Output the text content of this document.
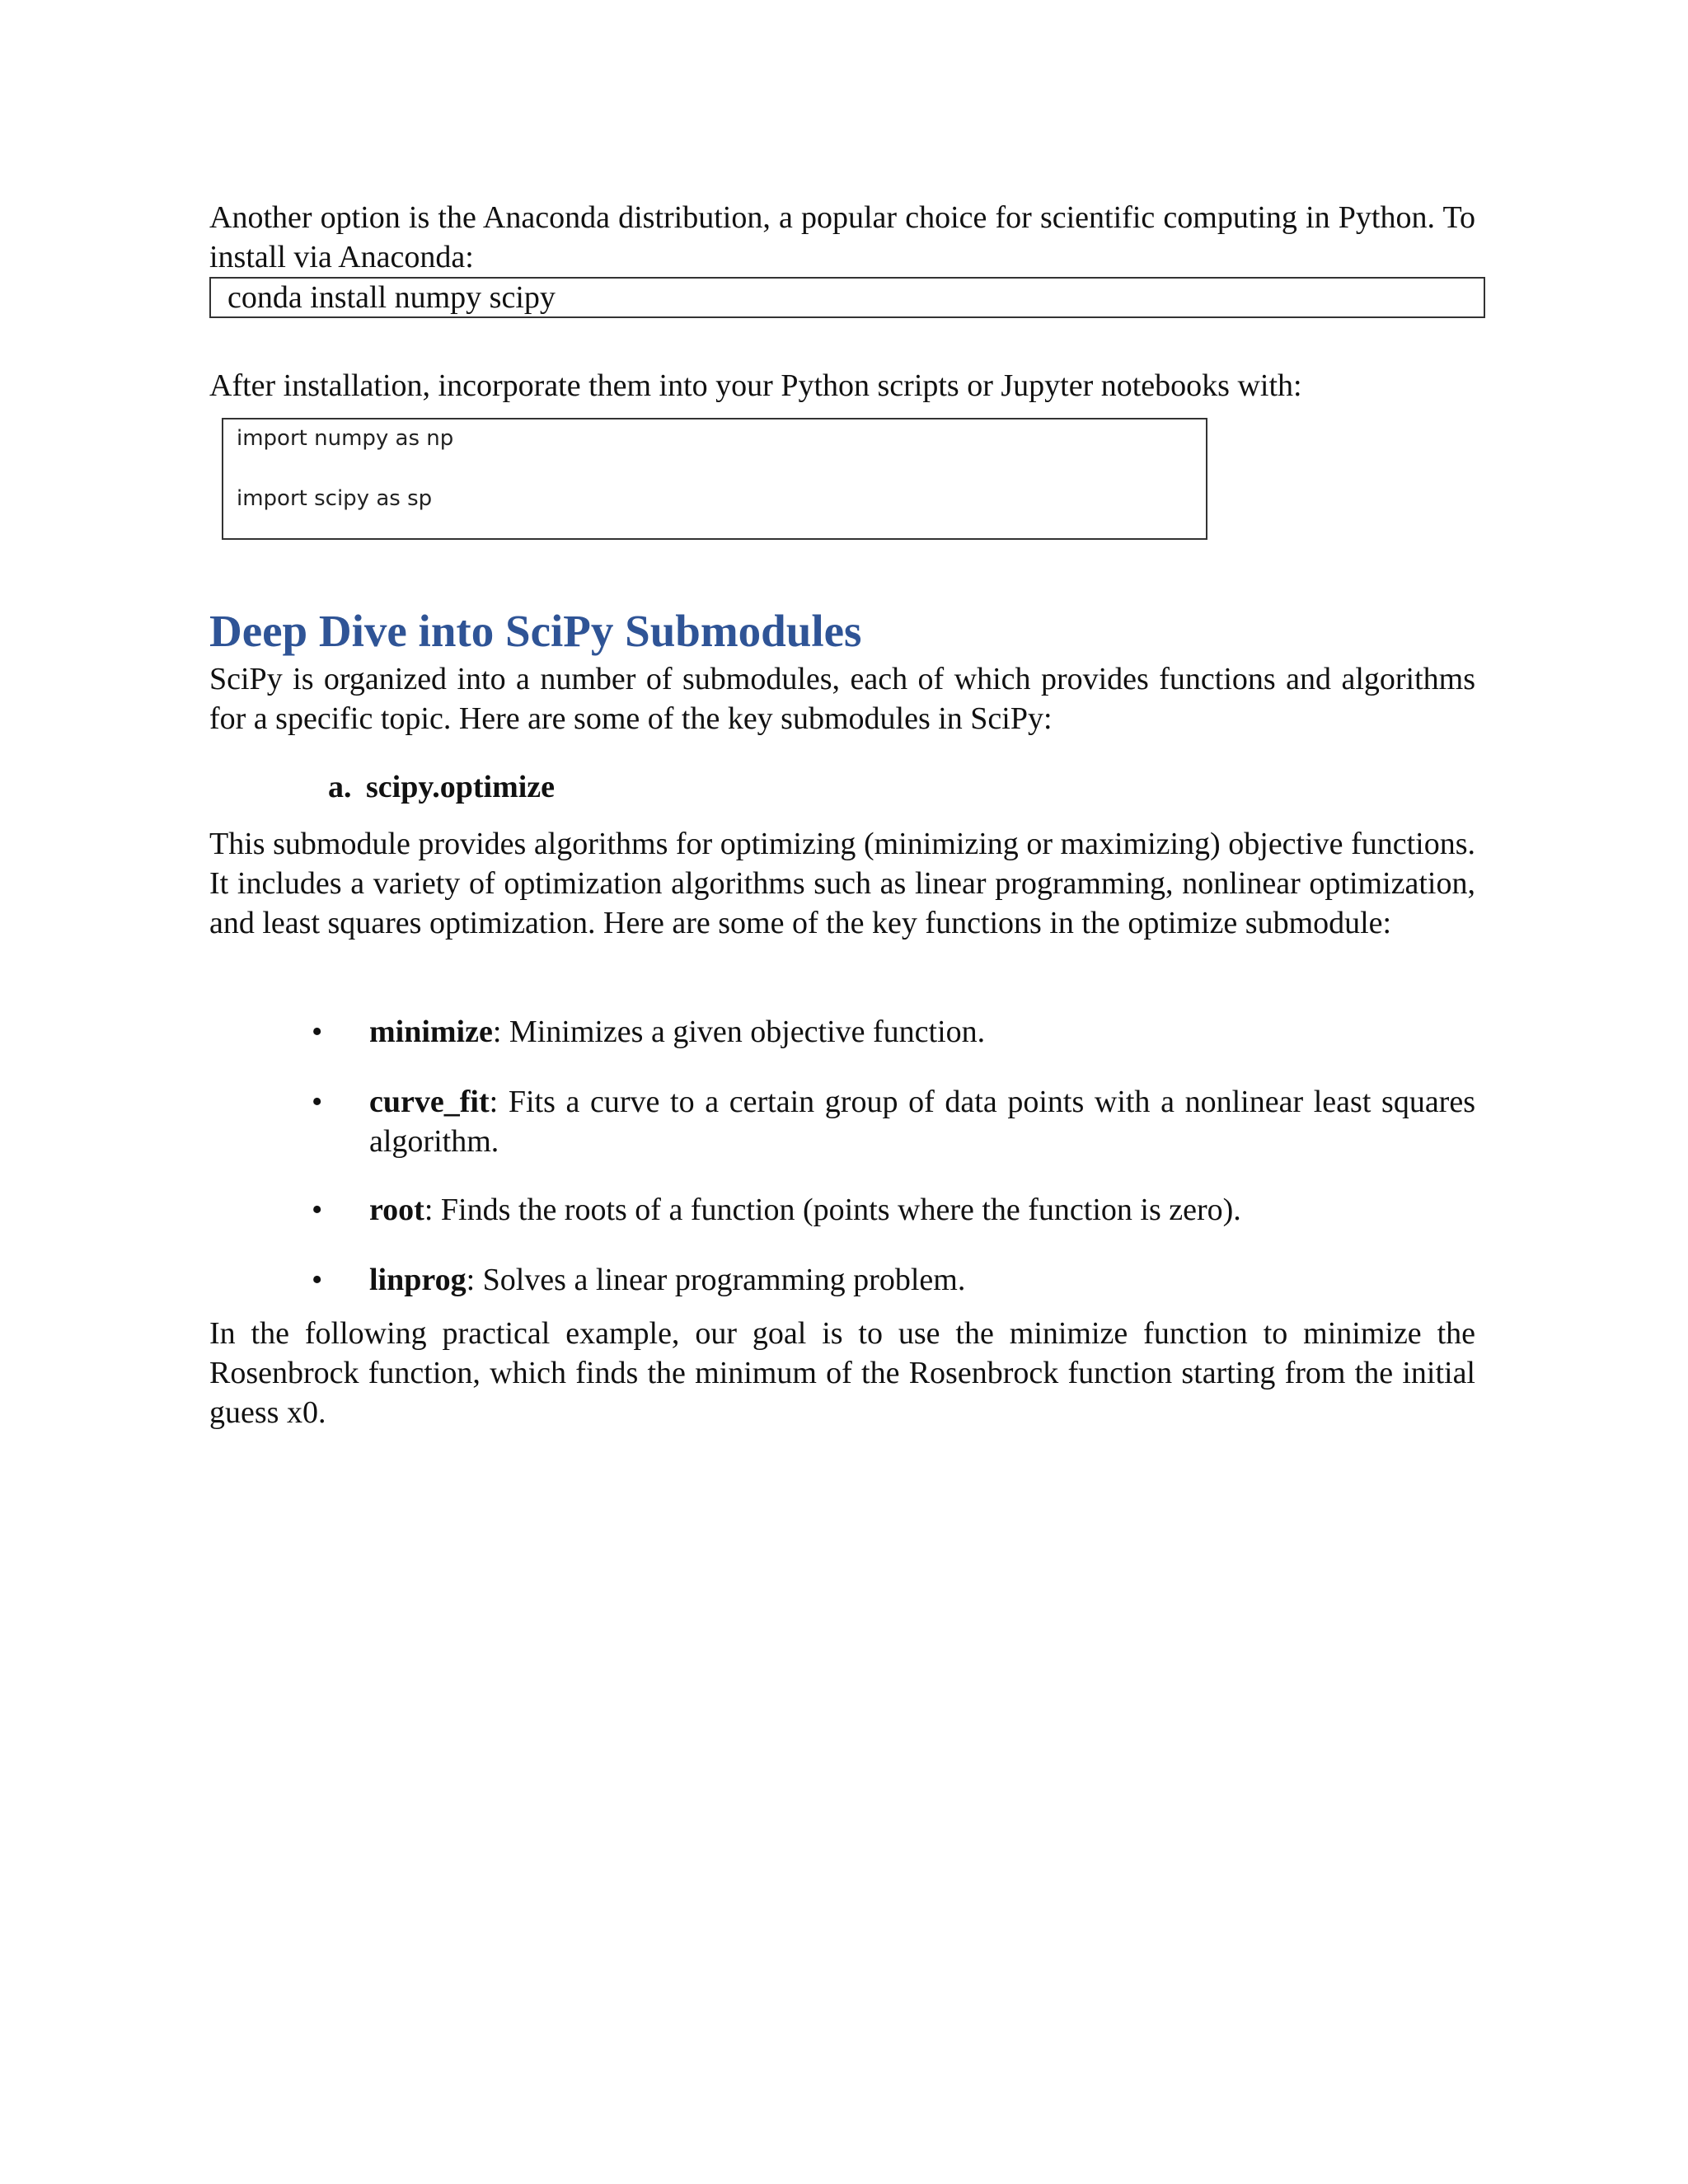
Another option is the Anaconda distribution, a popular choice for scientific computing in Python. To install via Anaconda:

conda install numpy scipy

After installation, incorporate them into your Python scripts or Jupyter notebooks with:

import numpy as np
import scipy as sp
Deep Dive into SciPy Submodules

SciPy is organized into a number of submodules, each of which provides functions and algorithms for a specific topic. Here are some of the key submodules in SciPy:

a. scipy.optimize

This submodule provides algorithms for optimizing (minimizing or maximizing) objective functions. It includes a variety of optimization algorithms such as linear programming, nonlinear optimization, and least squares optimization. Here are some of the key functions in the optimize submodule:

•	minimize: Minimizes a given objective function.
•	curve_fit: Fits a curve to a certain group of data points with a nonlinear least squares algorithm.
•	root: Finds the roots of a function (points where the function is zero).
•	linprog: Solves a linear programming problem.

In the following practical example, our goal is to use the minimize function to minimize the Rosenbrock function, which finds the minimum of the Rosenbrock function starting from the initial guess x0.
